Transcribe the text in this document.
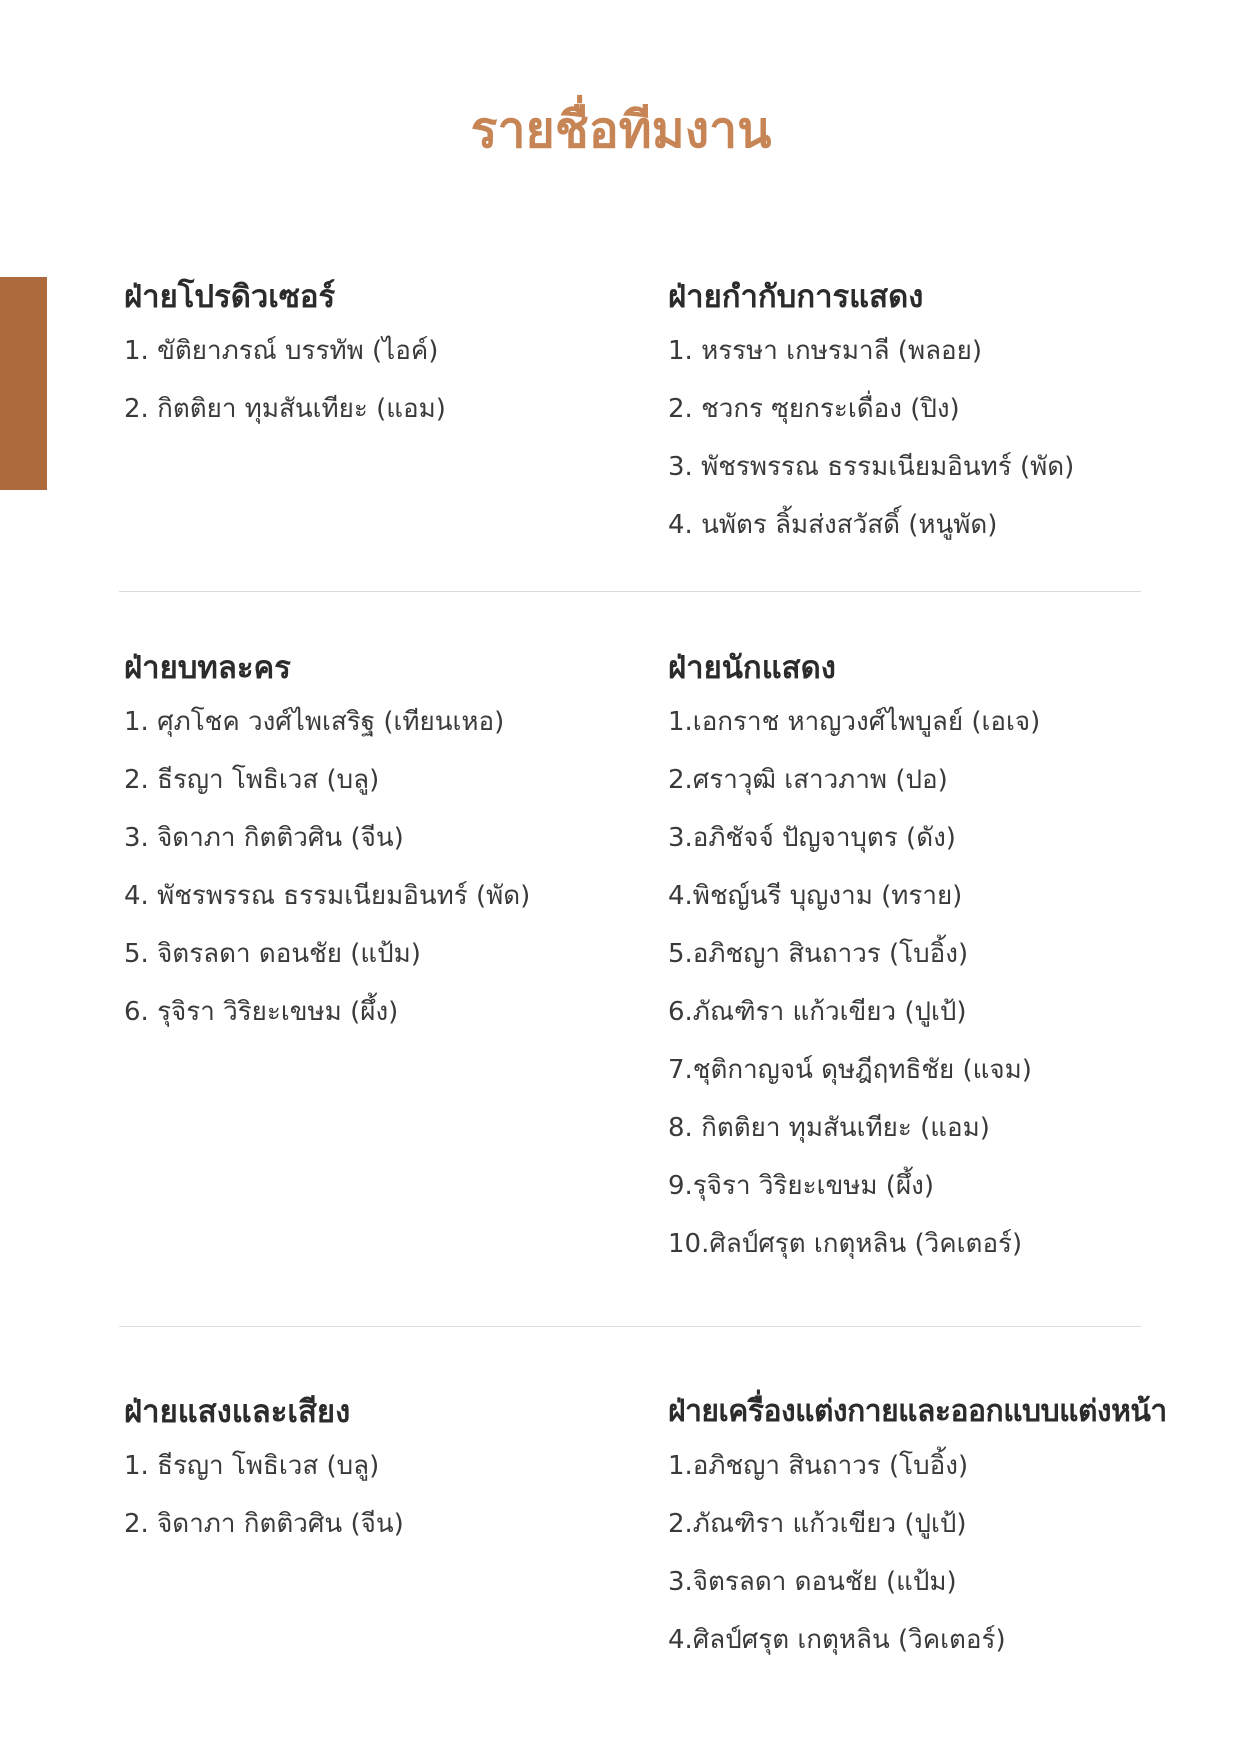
รายชื่อทีมงาน
ฝ่ายโปรดิวเซอร์
1. ขัติยาภรณ์ บรรทัพ (ไอค์)
2. กิตติยา ทุมสันเทียะ (แอม)
ฝ่ายกำกับการแสดง
1. หรรษา เกษรมาลี (พลอย)
2. ชวกร ซุยกระเดื่อง (ปิง)
3. พัชรพรรณ ธรรมเนียมอินทร์ (พัด)
4. นพัตร ลิ้มส่งสวัสดิ์ (หนูพัด)
ฝ่ายบทละคร
1. ศุภโชค วงศ์ไพเสริฐ (เทียนเหอ)
2. ธีรญา โพธิเวส (บลู)
3. จิดาภา กิตติวศิน (จีน)
4. พัชรพรรณ ธรรมเนียมอินทร์ (พัด)
5. จิตรลดา ดอนชัย (แป้ม)
6. รุจิรา วิริยะเขษม (ผึ้ง)
ฝ่ายนักแสดง
1.เอกราช หาญวงศ์ไพบูลย์ (เอเจ)
2.ศราวุฒิ เสาวภาพ (ปอ)
3.อภิชัจจ์ ปัญจาบุตร (ดัง)
4.พิชญ์นรี บุญงาม (ทราย)
5.อภิชญา สินถาวร (โบอิ้ง)
6.ภัณฑิรา แก้วเขียว (ปูเป้)
7.ชุติกาญจน์ ดุษฎีฤทธิชัย (แจม)
8. กิตติยา ทุมสันเทียะ (แอม)
9.รุจิรา วิริยะเขษม (ผึ้ง)
10.ศิลป์ศรุต เกตุหลิน (วิคเตอร์)
ฝ่ายแสงและเสียง
1. ธีรญา โพธิเวส (บลู)
2. จิดาภา กิตติวศิน (จีน)
ฝ่ายเครื่องแต่งกายและออกแบบแต่งหน้า
1.อภิชญา สินถาวร (โบอิ้ง)
2.ภัณฑิรา แก้วเขียว (ปูเป้)
3.จิตรลดา ดอนชัย (แป้ม)
4.ศิลป์ศรุต เกตุหลิน (วิคเตอร์)
